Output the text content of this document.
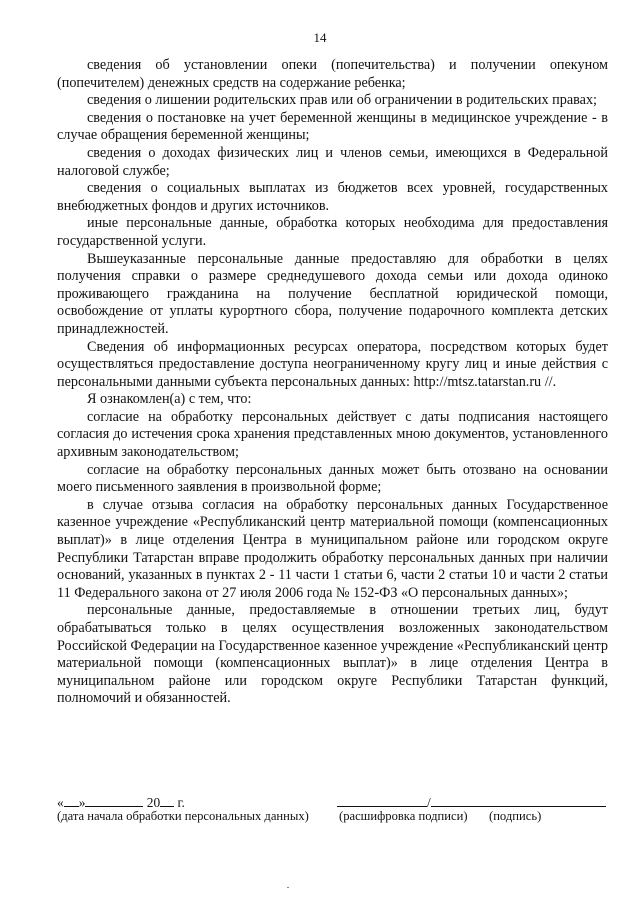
14

сведения об установлении опеки (попечительства) и получении опекуном (попечителем) денежных средств на содержание ребенка;

сведения о лишении родительских прав или об ограничении в родительских правах;

сведения о постановке на учет беременной женщины в медицинское учреждение - в случае обращения беременной женщины;

сведения о доходах физических лиц и членов семьи, имеющихся в Федеральной налоговой службе;

сведения о социальных выплатах из бюджетов всех уровней, государственных внебюджетных фондов и других источников.

иные персональные данные, обработка которых необходима для предоставления государственной услуги.

Вышеуказанные персональные данные предоставляю для обработки в целях получения справки о размере среднедушевого дохода семьи или дохода одиноко проживающего гражданина на получение бесплатной юридической помощи, освобождение от уплаты курортного сбора, получение подарочного комплекта детских принадлежностей.

Сведения об информационных ресурсах оператора, посредством которых будет осуществляться предоставление доступа неограниченному кругу лиц и иные действия с персональными данными субъекта персональных данных: http://mtsz.tatarstan.ru //.

Я ознакомлен(а) с тем, что:

согласие на обработку персональных действует с даты подписания настоящего согласия до истечения срока хранения представленных мною документов, установленного архивным законодательством;

согласие на обработку персональных данных может быть отозвано на основании моего письменного заявления в произвольной форме;

в случае отзыва согласия на обработку персональных данных Государственное казенное учреждение «Республиканский центр материальной помощи (компенсационных выплат)» в лице отделения Центра в муниципальном районе или городском округе Республики Татарстан вправе продолжить обработку персональных данных при наличии оснований, указанных в пунктах 2 - 11 части 1 статьи 6, части 2 статьи 10 и части 2 статьи 11 Федерального закона от 27 июля 2006 года № 152-ФЗ «О персональных данных»;

персональные данные, предоставляемые в отношении третьих лиц, будут обрабатываться только в целях осуществления возложенных законодательством Российской Федерации на Государственное казенное учреждение «Республиканский центр материальной помощи (компенсационных выплат)» в лице отделения Центра в муниципальном районе или городском округе Республики Татарстан функций, полномочий и обязанностей.

« »	20 г.	/
(дата начала обработки персональных данных) (расшифровка подписи) (подпись)
